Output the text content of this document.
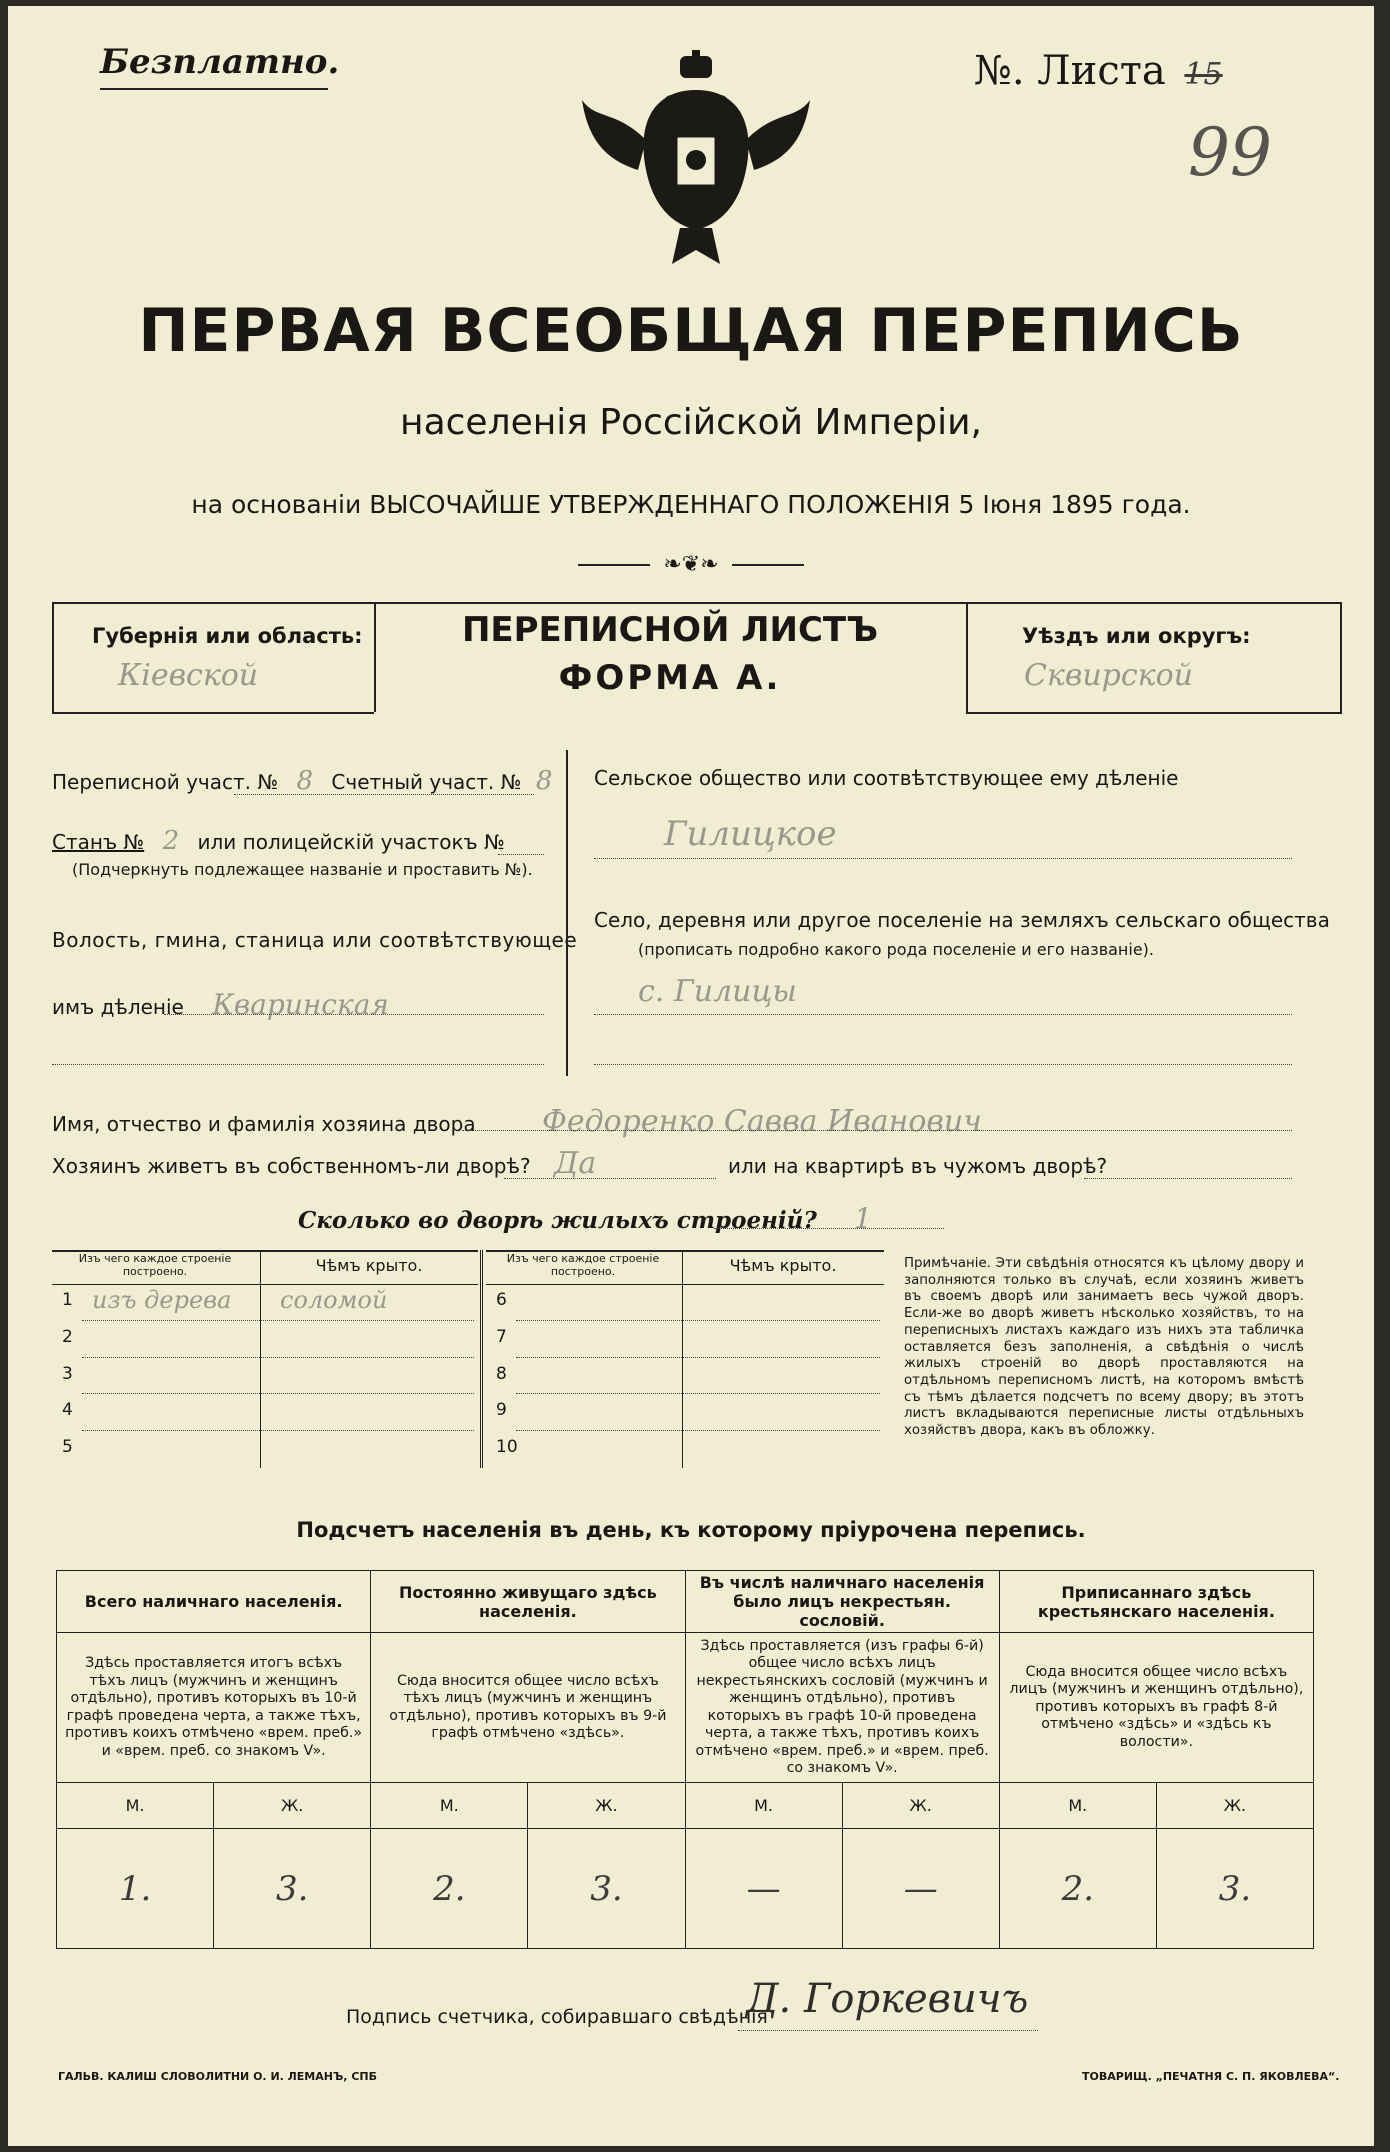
Безплатно.	№. Листа 15
99
ПЕРВАЯ ВСЕОБЩАЯ ПЕРЕПИСЬ
населенія Россійской Имперіи,
на основаніи ВЫСОЧАЙШЕ УТВЕРЖДЕННАГО ПОЛОЖЕНІЯ 5 Іюня 1895 года.
❧❦❧
Губернія или область:
Кіевской
ПЕРЕПИСНОЙ ЛИСТЪ
ФОРМА А.
Уѣздъ или округъ:
Сквирской
Переписной участ. № 8 Счетный участ. № 8
Станъ № 2 или полицейскій участокъ №
(Подчеркнуть подлежащее названіе и проставить №).
Волость, гмина, станица или соотвѣтствующее
имъ дѣленіе Кваринская
Сельское общество или соотвѣтствующее ему дѣленіе
Гилицкое
Село, деревня или другое поселеніе на земляхъ сельскаго общества
(прописать подробно какого рода поселеніе и его названіе).
с. Гилицы
Имя, отчество и фамилія хозяина двора Федоренко Савва Иванович
Хозяинъ живетъ въ собственномъ-ли дворѣ? Да	или на квартирѣ въ чужомъ дворѣ?
Сколько во дворѣ жилыхъ строеній? 1
Изъ чего каждое строеніе построено.	Чѣмъ крыто.
1 изъ дерева соломой
2
3
4
5
Изъ чего каждое строеніе построено.	Чѣмъ крыто.
6
7
8
9
10
Примѣчаніе. Эти свѣдѣнія относятся къ цѣлому двору и заполняются только въ случаѣ, если хозяинъ живетъ въ своемъ дворѣ или занимаетъ весь чужой дворъ. Если-же во дворѣ живетъ нѣсколько хозяйствъ, то на переписныхъ листахъ каждаго изъ нихъ эта табличка оставляется безъ заполненія, а свѣдѣнія о числѣ жилыхъ строеній во дворѣ проставляются на отдѣльномъ переписномъ листѣ, на которомъ вмѣстѣ съ тѣмъ дѣлается подсчетъ по всему двору; въ этотъ листъ вкладываются переписные листы отдѣльныхъ хозяйствъ двора, какъ въ обложку.
Подсчетъ населенія въ день, къ которому пріурочена перепись.
Всего наличнаго населенія.		Постоянно живущаго здѣсь населенія.		Въ числѣ наличнаго населенія было лицъ некрестьян. сословій.		Приписаннаго здѣсь крестьянскаго населенія.	
Здѣсь проставляется итогъ всѣхъ тѣхъ лицъ (мужчинъ и женщинъ отдѣльно), противъ которыхъ въ 10-й графѣ проведена черта, а также тѣхъ, противъ коихъ отмѣчено «врем. преб.» и «врем. преб. со знакомъ V».		Сюда вносится общее число всѣхъ тѣхъ лицъ (мужчинъ и женщинъ отдѣльно), противъ которыхъ въ 9-й графѣ отмѣчено «здѣсь».		Здѣсь проставляется (изъ графы 6-й) общее число всѣхъ лицъ некрестьянскихъ сословій (мужчинъ и женщинъ отдѣльно), противъ которыхъ въ графѣ 10-й проведена черта, а также тѣхъ, противъ коихъ отмѣчено «врем. преб.» и «врем. преб. со знакомъ V».		Сюда вносится общее число всѣхъ лицъ (мужчинъ и женщинъ отдѣльно), противъ которыхъ въ графѣ 8-й отмѣчено «здѣсь» и «здѣсь къ волости».	
М.	Ж.	М.	Ж.	М.	Ж.	М.	Ж.
1.	3.	2.	3.	—	—	2.	3.
Подпись счетчика, собиравшаго свѣдѣнія
Д. Горкевичъ
ГАЛЬВ. КАЛИШ СЛОВОЛИТНИ О. И. ЛЕМАНЪ, СПБ	ТОВАРИЩ. „ПЕЧАТНЯ С. П. ЯКОВЛЕВА“.
